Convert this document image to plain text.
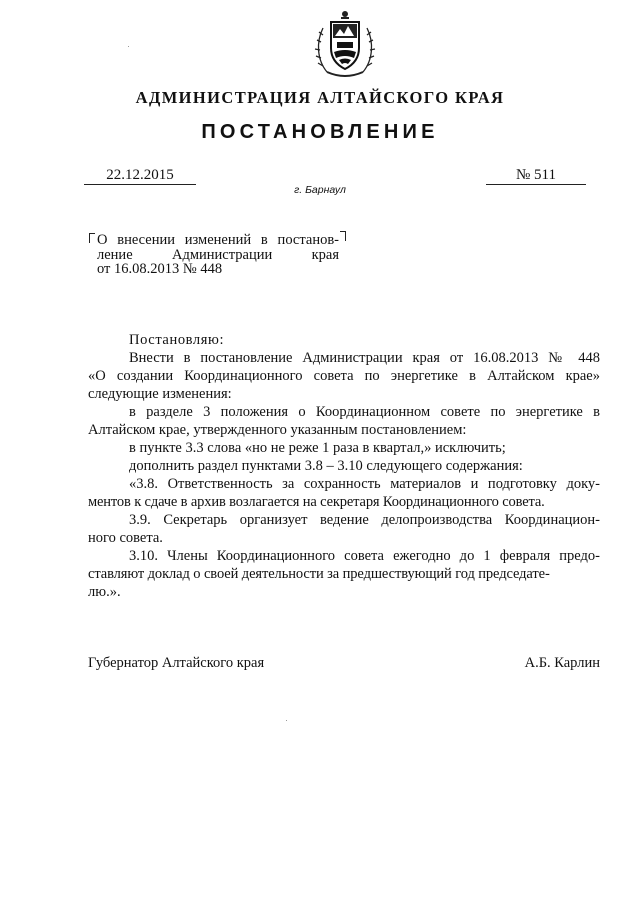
АДМИНИСТРАЦИЯ АЛТАЙСКОГО КРАЯ
ПОСТАНОВЛЕНИЕ
22.12.2015	№ 511
г. Барнаул
О внесении изменений в постанов-
ление Администрации края
от 16.08.2013 № 448
Постановляю:
Внести в постановление Администрации края от 16.08.2013 № 448
«О создании Координационного совета по энергетике в Алтайском крае»
следующие изменения:
в разделе 3 положения о Координационном совете по энергетике в
Алтайском крае, утвержденного указанным постановлением:
в пункте 3.3 слова «но не реже 1 раза в квартал,» исключить;
дополнить раздел пунктами 3.8 – 3.10 следующего содержания:
«3.8. Ответственность за сохранность материалов и подготовку доку-
ментов к сдаче в архив возлагается на секретаря Координационного совета.
3.9. Секретарь организует ведение делопроизводства Координацион-
ного совета.
3.10. Члены Координационного совета ежегодно до 1 февраля предо-
ставляют доклад о своей деятельности за предшествующий год председате-
лю.».
Губернатор Алтайского края	А.Б. Карлин
